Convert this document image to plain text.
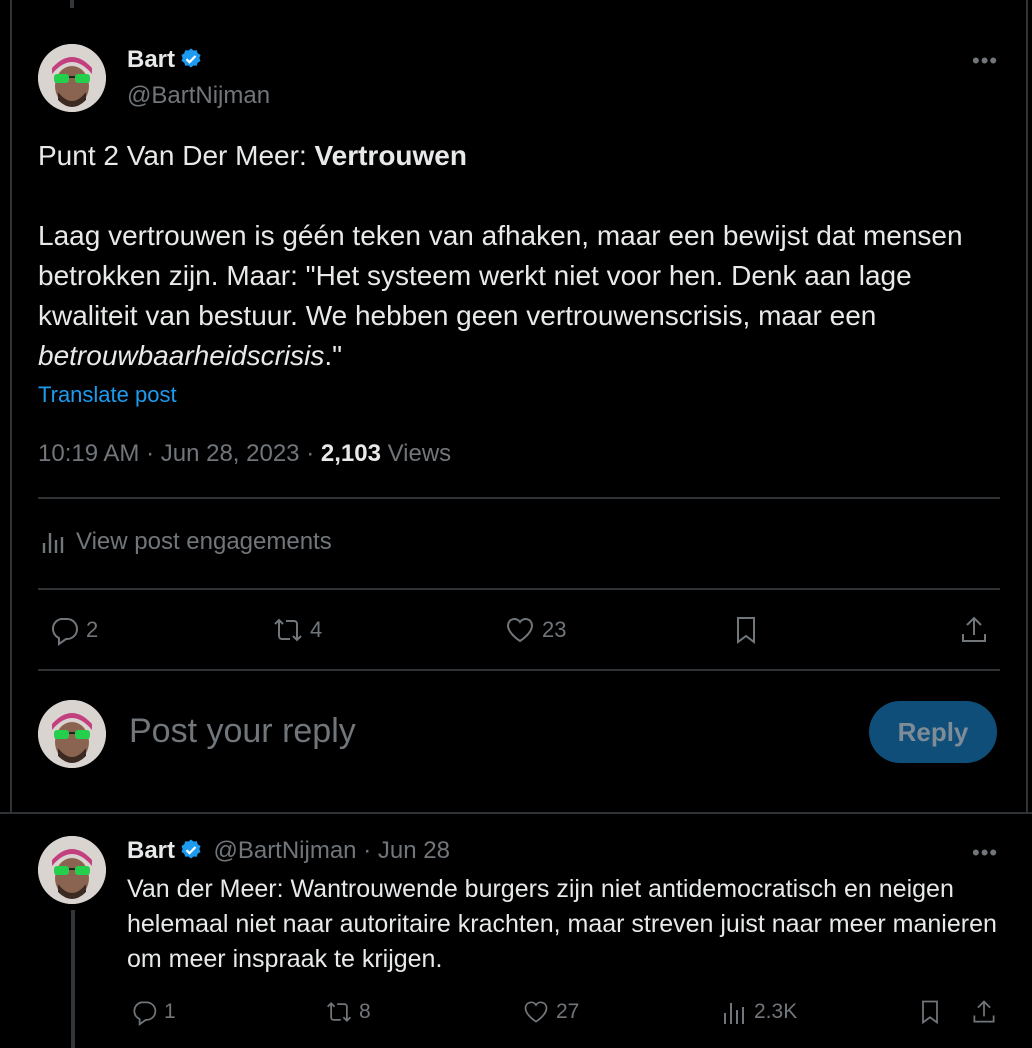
Bart
@BartNijman
•••
Punt 2 Van Der Meer: Vertrouwen
Laag vertrouwen is géén teken van afhaken, maar een bewijst dat mensen betrokken zijn. Maar: "Het systeem werkt niet voor hen. Denk aan lage kwaliteit van bestuur. We hebben geen vertrouwenscrisis, maar een betrouwbaarheidscrisis."
Translate post
10:19 AM · Jun 28, 2023 · 2,103 Views
View post engagements
2	4	23
Post your reply	Reply
Bart @BartNijman · Jun 28	•••
Van der Meer: Wantrouwende burgers zijn niet antidemocratisch en neigen helemaal niet naar autoritaire krachten, maar streven juist naar meer manieren om meer inspraak te krijgen.
1	8	27	2.3K
